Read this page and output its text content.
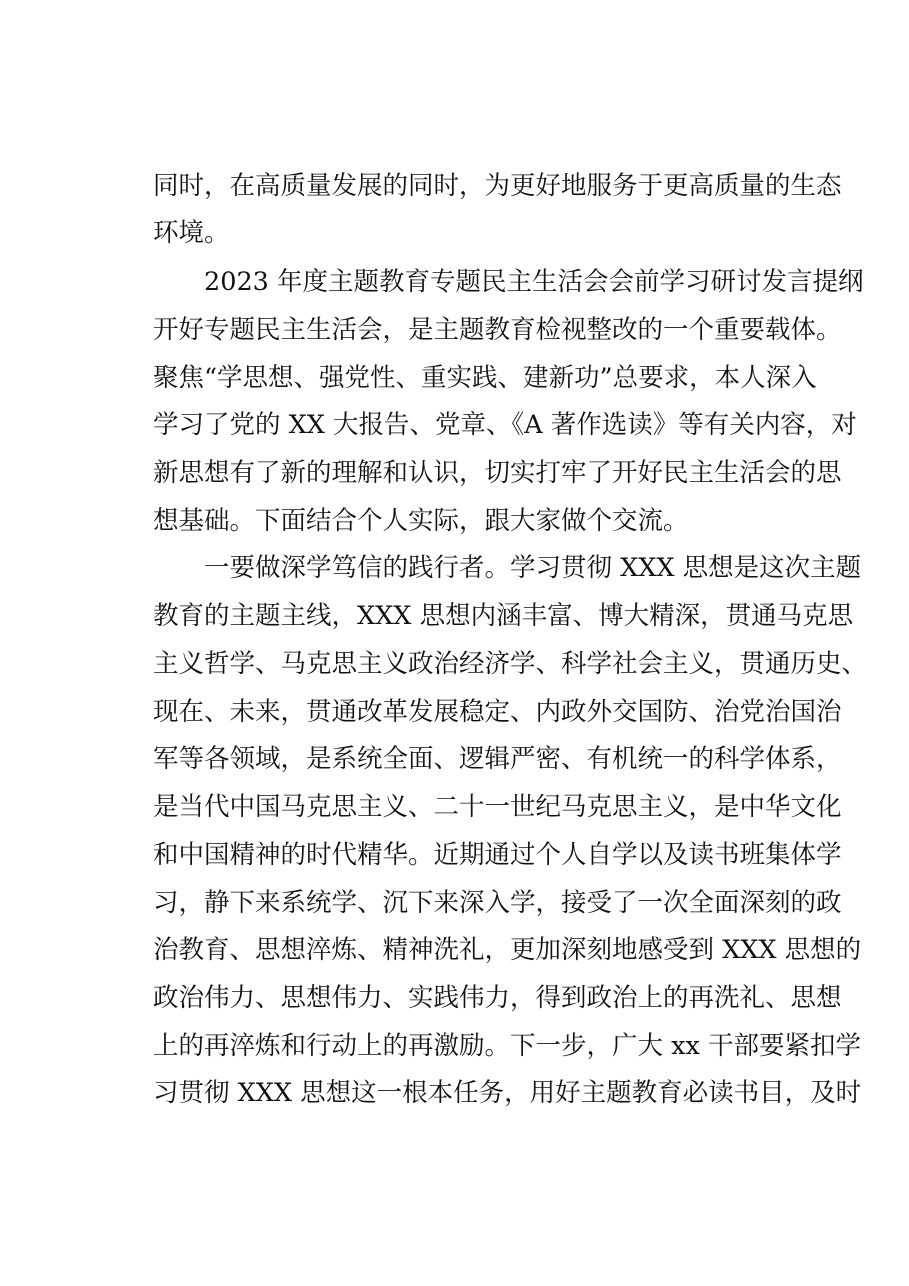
同时，在高质量发展的同时，为更好地服务于更高质量的生态
环境。
2023 年度主题教育专题民主生活会会前学习研讨发言提纲
开好专题民主生活会，是主题教育检视整改的一个重要载体。
聚焦“学思想、强党性、重实践、建新功”总要求，本人深入
学习了党的 XX 大报告、党章、《A 著作选读》等有关内容，对
新思想有了新的理解和认识，切实打牢了开好民主生活会的思
想基础。下面结合个人实际，跟大家做个交流。
一要做深学笃信的践行者。学习贯彻 XXX 思想是这次主题
教育的主题主线，XXX 思想内涵丰富、博大精深，贯通马克思
主义哲学、马克思主义政治经济学、科学社会主义，贯通历史、
现在、未来，贯通改革发展稳定、内政外交国防、治党治国治
军等各领域，是系统全面、逻辑严密、有机统一的科学体系，
是当代中国马克思主义、二十一世纪马克思主义，是中华文化
和中国精神的时代精华。近期通过个人自学以及读书班集体学
习，静下来系统学、沉下来深入学，接受了一次全面深刻的政
治教育、思想淬炼、精神洗礼，更加深刻地感受到 XXX 思想的
政治伟力、思想伟力、实践伟力，得到政治上的再洗礼、思想
上的再淬炼和行动上的再激励。下一步，广大 xx 干部要紧扣学
习贯彻 XXX 思想这一根本任务，用好主题教育必读书目，及时
